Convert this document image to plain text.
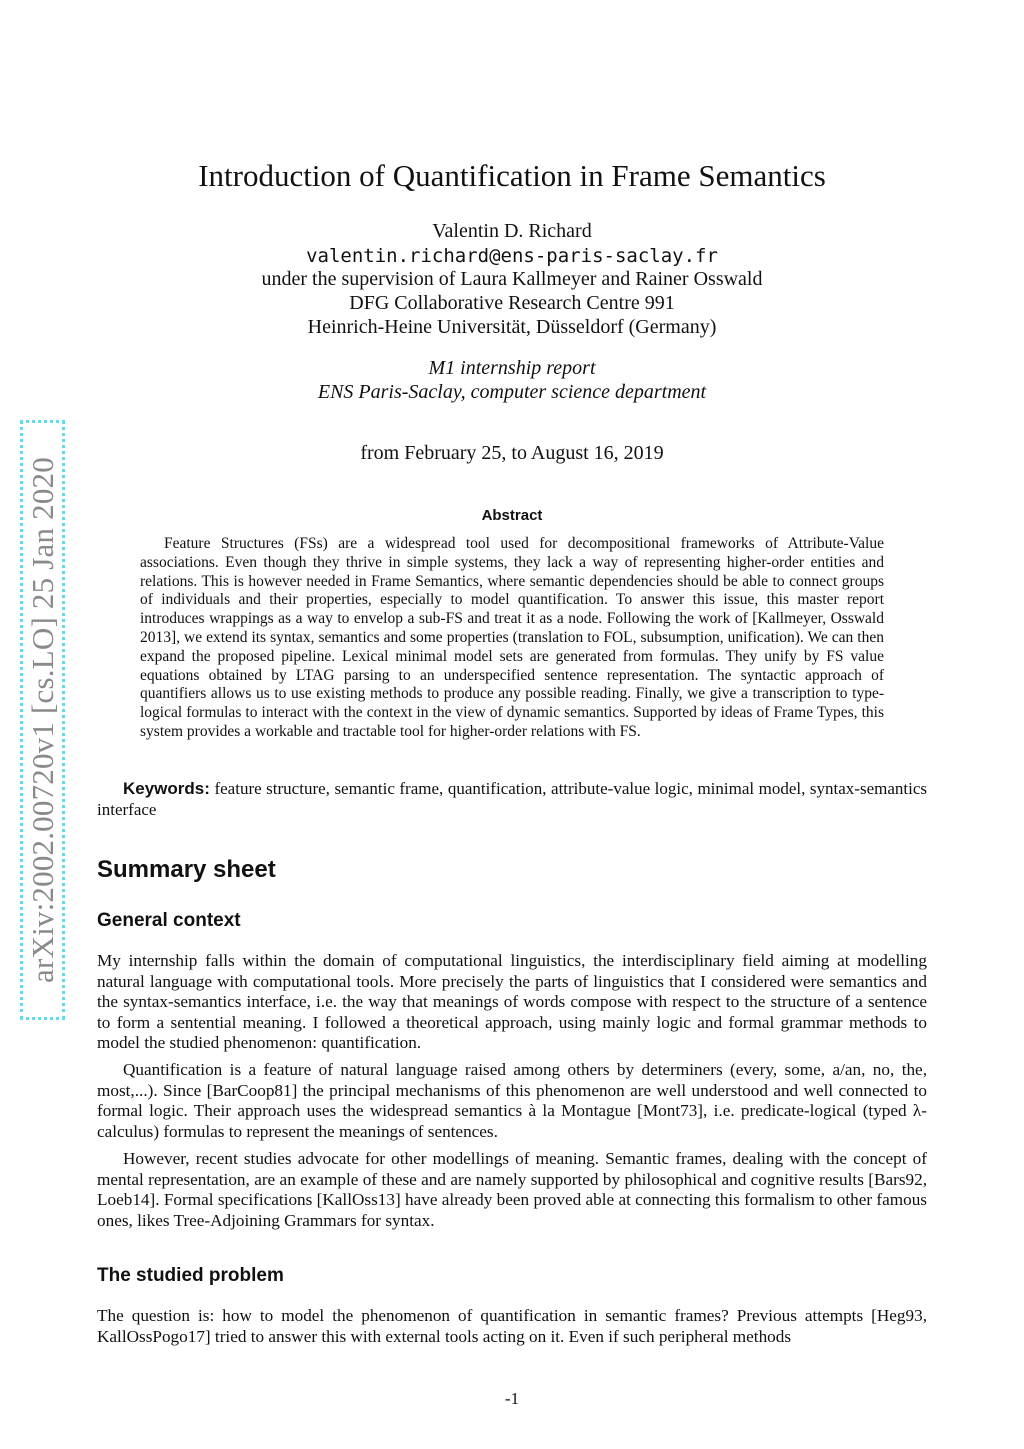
arXiv:2002.00720v1 [cs.LO] 25 Jan 2020
Introduction of Quantification in Frame Semantics
Valentin D. Richard
valentin.richard@ens-paris-saclay.fr
under the supervision of Laura Kallmeyer and Rainer Osswald
DFG Collaborative Research Centre 991
Heinrich-Heine Universität, Düsseldorf (Germany)
M1 internship report
ENS Paris-Saclay, computer science department
from February 25, to August 16, 2019
Abstract

Feature Structures (FSs) are a widespread tool used for decompositional frameworks of Attribute-Value associations. Even though they thrive in simple systems, they lack a way of representing higher-order entities and relations. This is however needed in Frame Semantics, where semantic dependencies should be able to connect groups of individuals and their properties, especially to model quantification. To answer this issue, this master report introduces wrappings as a way to envelop a sub-FS and treat it as a node. Following the work of [Kallmeyer, Osswald 2013], we extend its syntax, semantics and some properties (translation to FOL, subsumption, unification). We can then expand the proposed pipeline. Lexical minimal model sets are generated from formulas. They unify by FS value equations obtained by LTAG parsing to an underspecified sentence representation. The syntactic approach of quantifiers allows us to use existing methods to produce any possible reading. Finally, we give a transcription to type-logical formulas to interact with the context in the view of dynamic semantics. Supported by ideas of Frame Types, this system provides a workable and tractable tool for higher-order relations with FS.

Keywords: feature structure, semantic frame, quantification, attribute-value logic, minimal model, syntax-semantics interface

Summary sheet
General context

My internship falls within the domain of computational linguistics, the interdisciplinary field aiming at modelling natural language with computational tools. More precisely the parts of linguistics that I considered were semantics and the syntax-semantics interface, i.e. the way that meanings of words compose with respect to the structure of a sentence to form a sentential meaning. I followed a theoretical approach, using mainly logic and formal grammar methods to model the studied phenomenon: quantification.

Quantification is a feature of natural language raised among others by determiners (every, some, a/an, no, the, most,...). Since [BarCoop81] the principal mechanisms of this phenomenon are well understood and well connected to formal logic. Their approach uses the widespread semantics à la Montague [Mont73], i.e. predicate-logical (typed λ-calculus) formulas to represent the meanings of sentences.

However, recent studies advocate for other modellings of meaning. Semantic frames, dealing with the concept of mental representation, are an example of these and are namely supported by philosophical and cognitive results [Bars92, Loeb14]. Formal specifications [KallOss13] have already been proved able at connecting this formalism to other famous ones, likes Tree-Adjoining Grammars for syntax.

The studied problem

The question is: how to model the phenomenon of quantification in semantic frames? Previous attempts [Heg93, KallOssPogo17] tried to answer this with external tools acting on it. Even if such peripheral methods

-1
